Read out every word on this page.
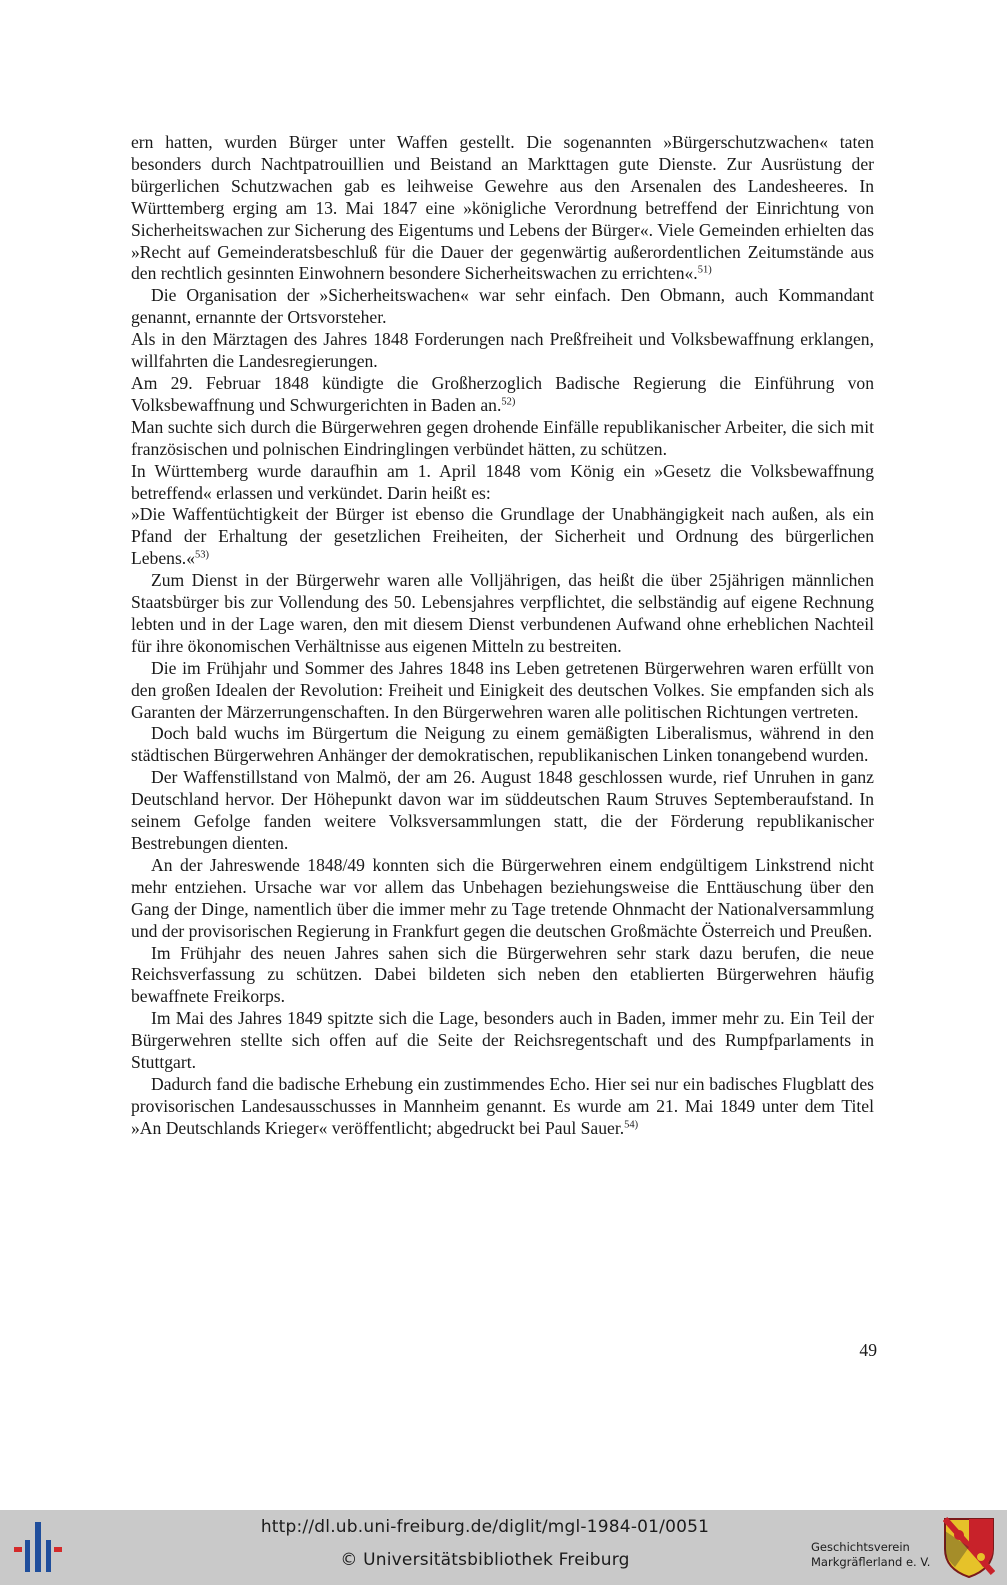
ern hatten, wurden Bürger unter Waffen gestellt. Die sogenannten »Bürgerschutzwachen« taten besonders durch Nachtpatrouillien und Beistand an Markttagen gute Dienste. Zur Ausrüstung der bürgerlichen Schutzwachen gab es leihweise Gewehre aus den Arsenalen des Landesheeres. In Württemberg erging am 13. Mai 1847 eine »königliche Verordnung betreffend der Einrichtung von Sicherheitswachen zur Sicherung des Eigentums und Lebens der Bürger«. Viele Gemeinden erhielten das »Recht auf Gemeinderatsbeschluß für die Dauer der gegenwärtig außerordentlichen Zeitumstände aus den rechtlich gesinnten Einwohnern besondere Sicherheitswachen zu errichten«.$^{51)}$

Die Organisation der »Sicherheitswachen« war sehr einfach. Den Obmann, auch Kommandant genannt, ernannte der Ortsvorsteher.

Als in den Märztagen des Jahres 1848 Forderungen nach Preßfreiheit und Volksbewaffnung erklangen, willfahrten die Landesregierungen.

Am 29. Februar 1848 kündigte die Großherzoglich Badische Regierung die Einführung von Volksbewaffnung und Schwurgerichten in Baden an.$^{52)}$

Man suchte sich durch die Bürgerwehren gegen drohende Einfälle republikanischer Arbeiter, die sich mit französischen und polnischen Eindringlingen verbündet hätten, zu schützen.

In Württemberg wurde daraufhin am 1. April 1848 vom König ein »Gesetz die Volksbewaffnung betreffend« erlassen und verkündet. Darin heißt es:

»Die Waffentüchtigkeit der Bürger ist ebenso die Grundlage der Unabhängigkeit nach außen, als ein Pfand der Erhaltung der gesetzlichen Freiheiten, der Sicherheit und Ordnung des bürgerlichen Lebens.«$^{53)}$

Zum Dienst in der Bürgerwehr waren alle Volljährigen, das heißt die über 25jährigen männlichen Staatsbürger bis zur Vollendung des 50. Lebensjahres verpflichtet, die selbständig auf eigene Rechnung lebten und in der Lage waren, den mit diesem Dienst verbundenen Aufwand ohne erheblichen Nachteil für ihre ökonomischen Verhältnisse aus eigenen Mitteln zu bestreiten.

Die im Frühjahr und Sommer des Jahres 1848 ins Leben getretenen Bürgerwehren waren erfüllt von den großen Idealen der Revolution: Freiheit und Einigkeit des deutschen Volkes. Sie empfanden sich als Garanten der Märzerrungenschaften. In den Bürgerwehren waren alle politischen Richtungen vertreten.

Doch bald wuchs im Bürgertum die Neigung zu einem gemäßigten Liberalismus, während in den städtischen Bürgerwehren Anhänger der demokratischen, republikanischen Linken tonangebend wurden.

Der Waffenstillstand von Malmö, der am 26. August 1848 geschlossen wurde, rief Unruhen in ganz Deutschland hervor. Der Höhepunkt davon war im süddeutschen Raum Struves Septemberaufstand. In seinem Gefolge fanden weitere Volksversammlungen statt, die der Förderung republikanischer Bestrebungen dienten.

An der Jahreswende 1848/49 konnten sich die Bürgerwehren einem endgültigem Linkstrend nicht mehr entziehen. Ursache war vor allem das Unbehagen beziehungsweise die Enttäuschung über den Gang der Dinge, namentlich über die immer mehr zu Tage tretende Ohnmacht der Nationalversammlung und der provisorischen Regierung in Frankfurt gegen die deutschen Großmächte Österreich und Preußen.

Im Frühjahr des neuen Jahres sahen sich die Bürgerwehren sehr stark dazu berufen, die neue Reichsverfassung zu schützen. Dabei bildeten sich neben den etablierten Bürgerwehren häufig bewaffnete Freikorps.

Im Mai des Jahres 1849 spitzte sich die Lage, besonders auch in Baden, immer mehr zu. Ein Teil der Bürgerwehren stellte sich offen auf die Seite der Reichsregentschaft und des Rumpfparlaments in Stuttgart.

Dadurch fand die badische Erhebung ein zustimmendes Echo. Hier sei nur ein badisches Flugblatt des provisorischen Landesausschusses in Mannheim genannt. Es wurde am 21. Mai 1849 unter dem Titel »An Deutschlands Krieger« veröffentlicht; abgedruckt bei Paul Sauer.$^{54)}$

49
http://dl.ub.uni-freiburg.de/diglit/mgl-1984-01/0051
© Universitätsbibliothek Freiburg
Geschichtsverein
Markgräflerland e. V.
